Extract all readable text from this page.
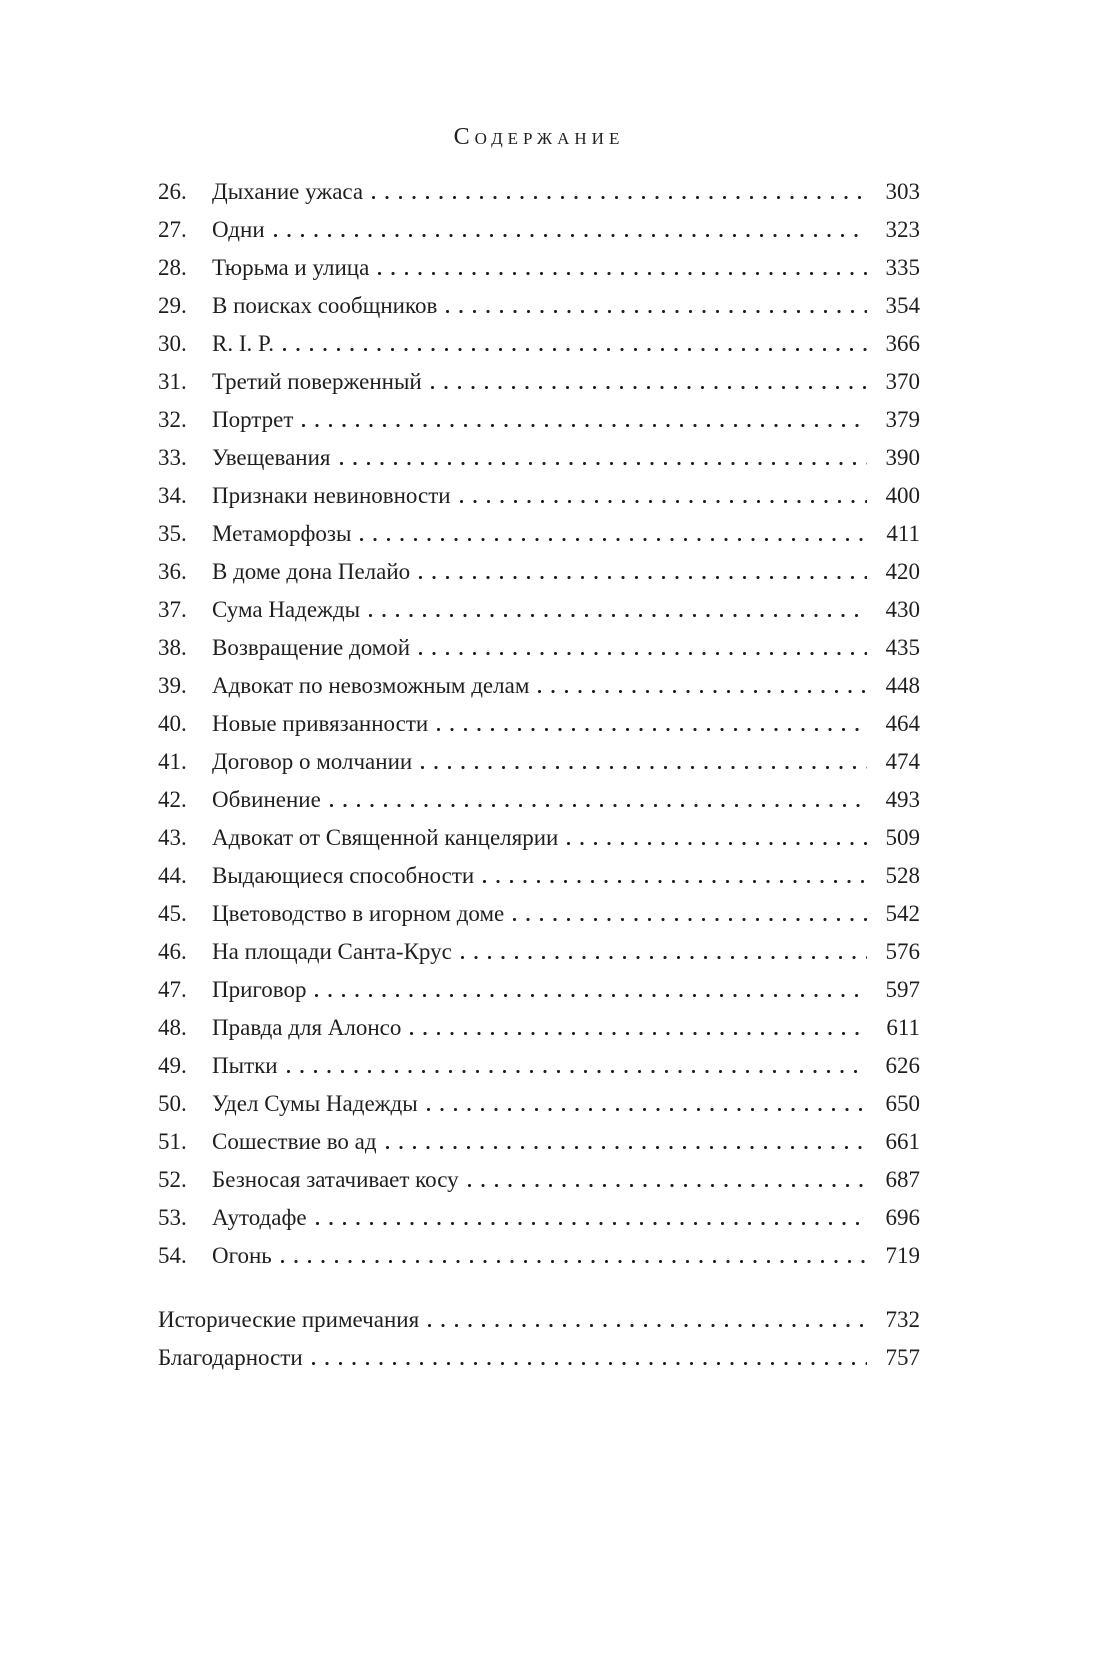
Содержание
26.	Дыхание ужаса	303
27.	Одни	323
28.	Тюрьма и улица	335
29.	В поисках сообщников	354
30.	R. I. P.	366
31.	Третий поверженный	370
32.	Портрет	379
33.	Увещевания	390
34.	Признаки невиновности	400
35.	Метаморфозы	411
36.	В доме дона Пелайо	420
37.	Сума Надежды	430
38.	Возвращение домой	435
39.	Адвокат по невозможным делам	448
40.	Новые привязанности	464
41.	Договор о молчании	474
42.	Обвинение	493
43.	Адвокат от Священной канцелярии	509
44.	Выдающиеся способности	528
45.	Цветоводство в игорном доме	542
46.	На площади Санта-Крус	576
47.	Приговор	597
48.	Правда для Алонсо	611
49.	Пытки	626
50.	Удел Сумы Надежды	650
51.	Сошествие во ад	661
52.	Безносая затачивает косу	687
53.	Аутодафе	696
54.	Огонь	719
Исторические примечания	732
Благодарности	757
